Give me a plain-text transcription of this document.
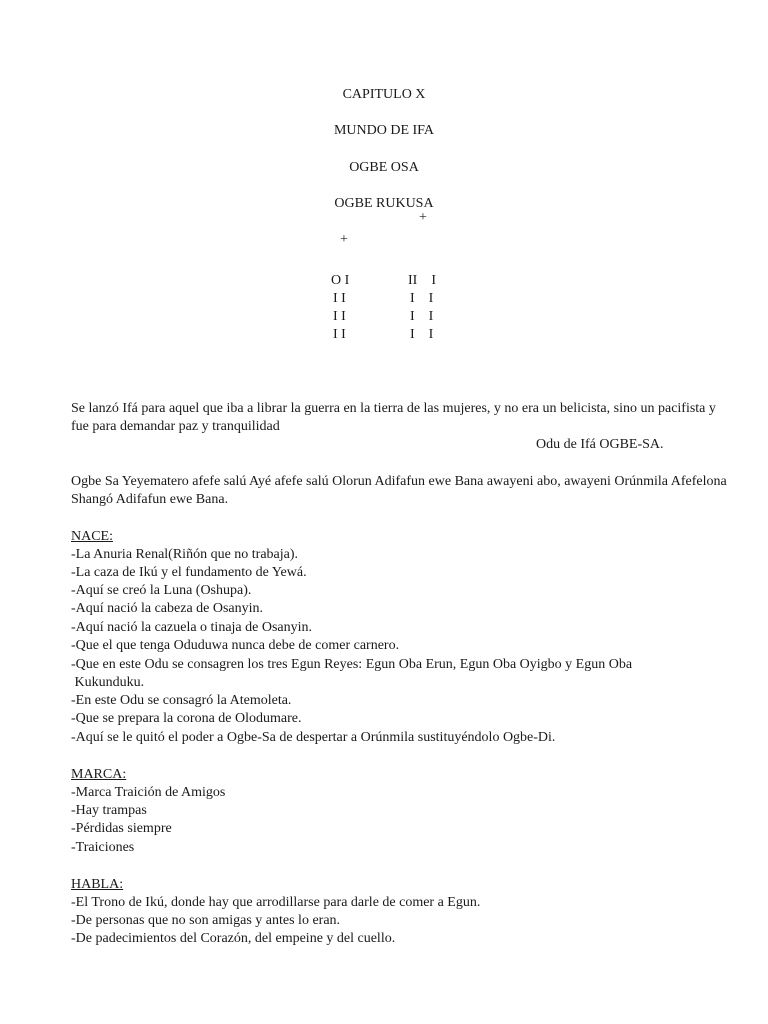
CAPITULO X
MUNDO DE IFA
OGBE OSA
OGBE RUKUSA
+
+
O I
I I
I I
I I
II    I
I    I
I    I
I    I
Se lanzó Ifá para aquel que iba a librar la guerra en la tierra de las mujeres, y no era un belicista, sino un pacifista y fue para demandar paz y tranquilidad
Odu de Ifá OGBE-SA.
Ogbe Sa Yeyematero afefe salú Ayé afefe salú Olorun Adifafun ewe Bana awayeni abo, awayeni Orúnmila Afefelona Shangó Adifafun ewe Bana.
NACE:
-La Anuria Renal(Riñón que no trabaja).
-La caza de Ikú y el fundamento de Yewá.
-Aquí se creó la Luna (Oshupa).
-Aquí nació la cabeza de Osanyin.
-Aquí nació la cazuela o tinaja de Osanyin.
-Que el que tenga Oduduwa nunca debe de comer carnero.
-Que en este Odu se consagren los tres Egun Reyes: Egun Oba Erun, Egun Oba Oyigbo y Egun Oba
Kukunduku.
-En este Odu se consagró la Atemoleta.
-Que se prepara la corona de Olodumare.
-Aquí se le quitó el poder a Ogbe-Sa de despertar a Orúnmila sustituyéndolo Ogbe-Di.
MARCA:
-Marca Traición de Amigos
-Hay trampas
-Pérdidas siempre
-Traiciones
HABLA:
-El Trono de Ikú, donde hay que arrodillarse para darle de comer a Egun.
-De personas que no son amigas y antes lo eran.
-De padecimientos del Corazón, del empeine y del cuello.
